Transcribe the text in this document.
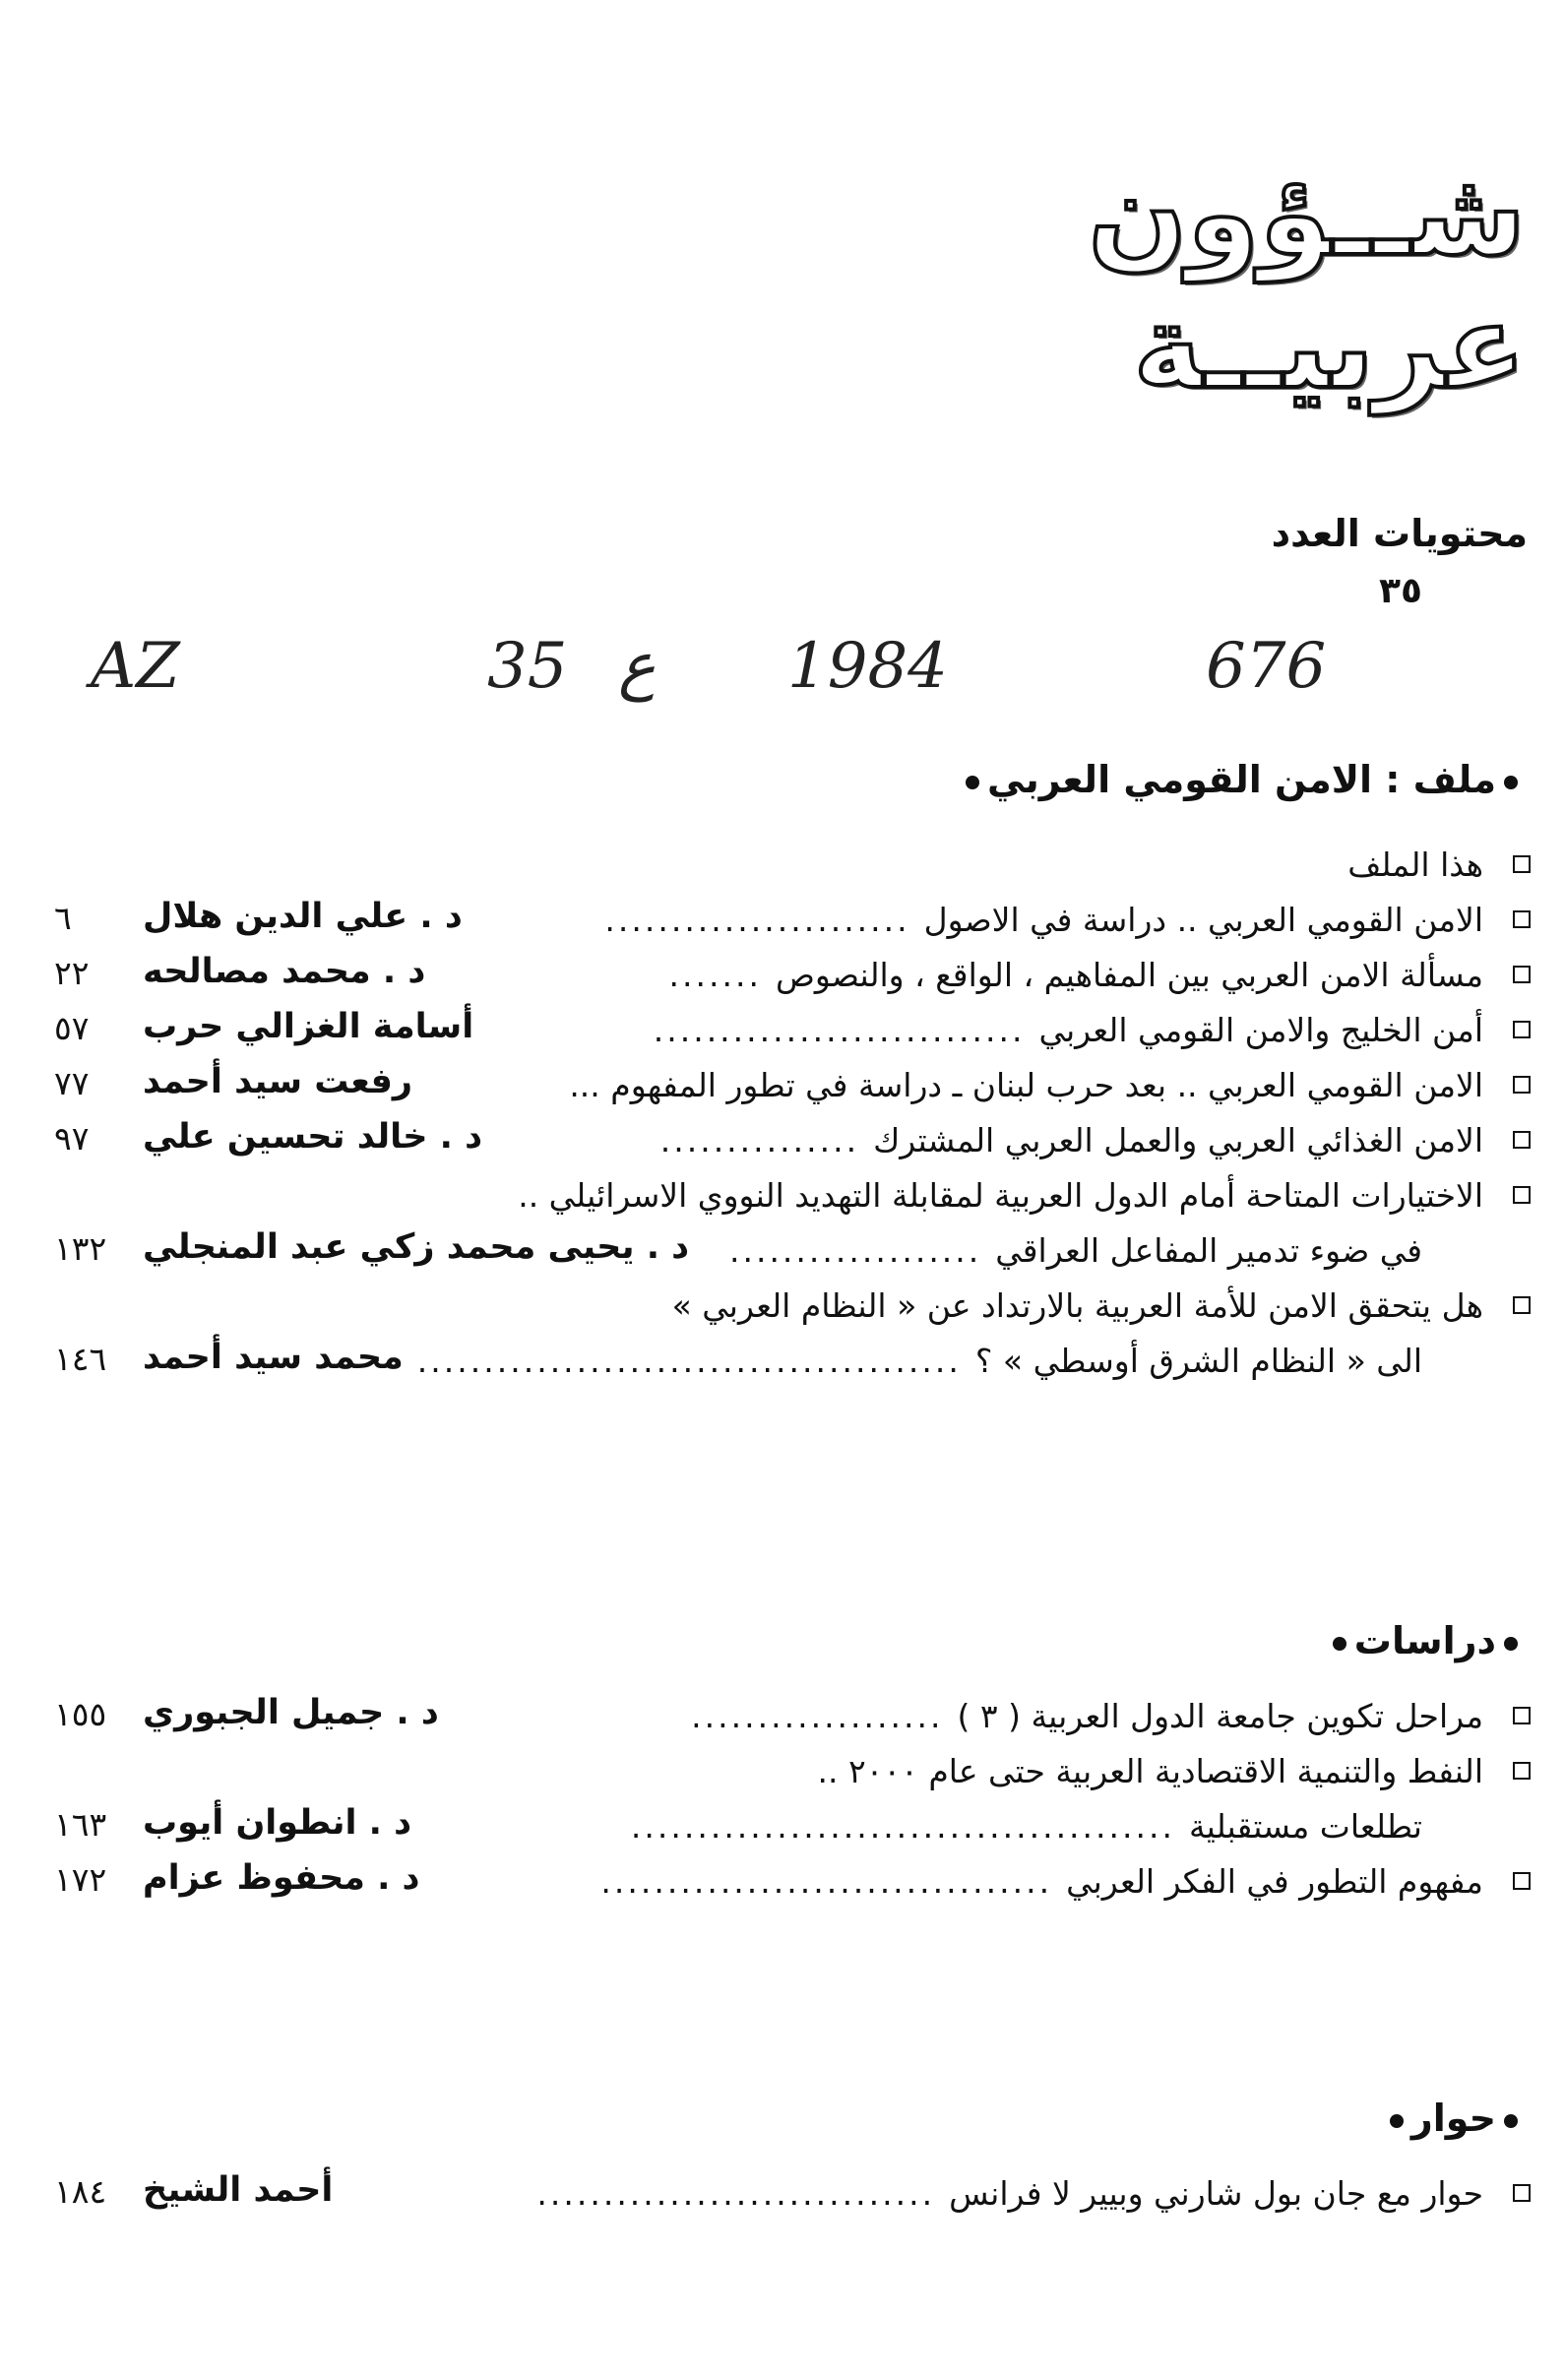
شــؤون
عربيــة
محتويات العدد
٣٥
AZ	35 ع 1984	676
ملف : الامن القومي العربي
هذا الملف
الامن القومي العربي .. دراسة في الاصول.......................
د . علي الدين هلال
٦
مسألة الامن العربي بين المفاهيم ، الواقع ، والنصوص.......
د . محمد مصالحه
٢٢
أمن الخليج والامن القومي العربي............................
أسامة الغزالي حرب
٥٧
الامن القومي العربي .. بعد حرب لبنان ـ دراسة في تطور المفهوم ...
رفعت سيد أحمد
٧٧
الامن الغذائي العربي والعمل العربي المشترك...............
د . خالد تحسين علي
٩٧
الاختيارات المتاحة أمام الدول العربية لمقابلة التهديد النووي الاسرائيلي ..
في ضوء تدمير المفاعل العراقي...................
د . يحيى محمد زكي عبد المنجلي
١٣٢
هل يتحقق الامن للأمة العربية بالارتداد عن « النظام العربي »
الى « النظام الشرق أوسطي » ؟.........................................
محمد سيد أحمد
١٤٦
دراسات
مراحل تكوين جامعة الدول العربية ( ٣ )...................
د . جميل الجبوري
١٥٥
النفط والتنمية الاقتصادية العربية حتى عام ٢٠٠٠ ..
تطلعات مستقبلية.........................................
د . انطوان أيوب
١٦٣
مفهوم التطور في الفكر العربي..................................
د . محفوظ عزام
١٧٢
حوار
حوار مع جان بول شارني وبيير لا فرانس..............................
أحمد الشيخ
١٨٤
